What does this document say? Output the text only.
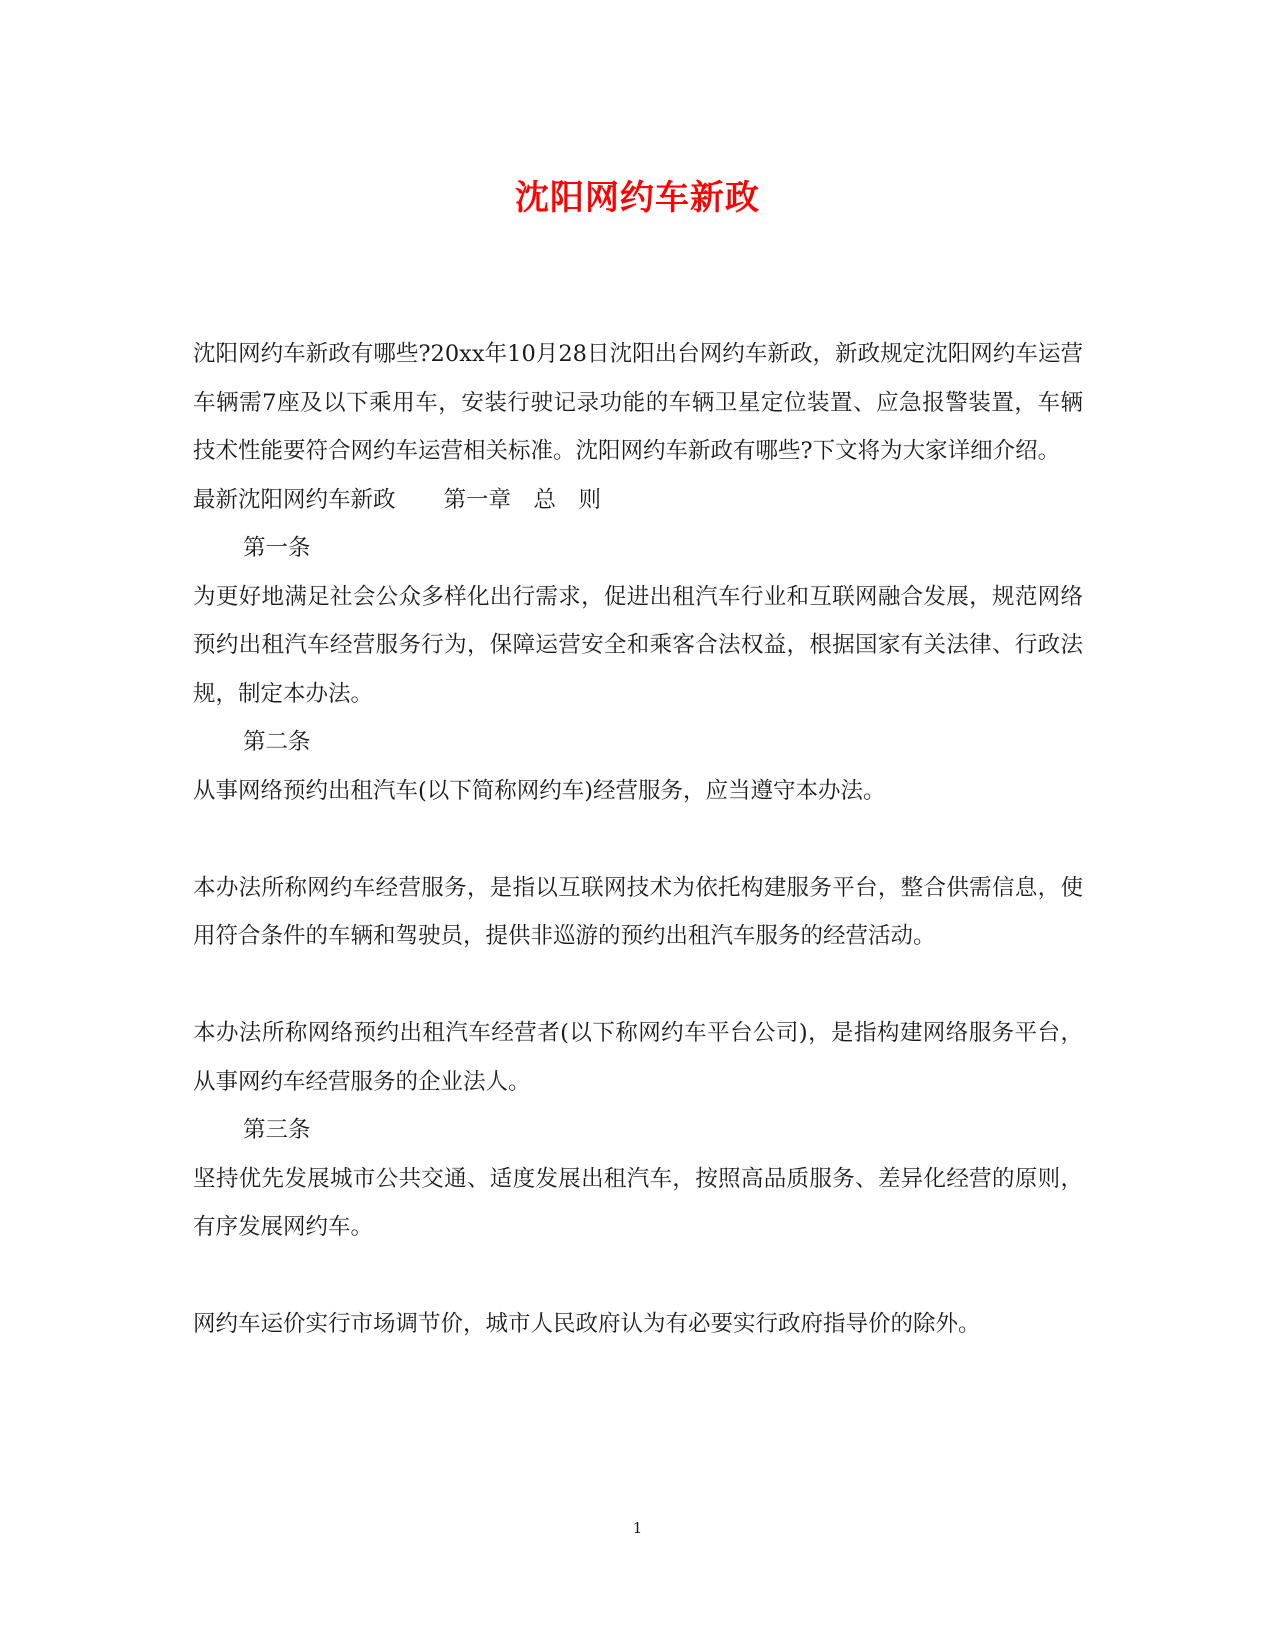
沈阳网约车新政

沈阳网约车新政有哪些?20xx年10月28日沈阳出台网约车新政，新政规定沈阳网约车运营车辆需7座及以下乘用车，安装行驶记录功能的车辆卫星定位装置、应急报警装置，车辆技术性能要符合网约车运营相关标准。沈阳网约车新政有哪些?下文将为大家详细介绍。

最新沈阳网约车新政 第一章　总　则

第一条

为更好地满足社会公众多样化出行需求，促进出租汽车行业和互联网融合发展，规范网络预约出租汽车经营服务行为，保障运营安全和乘客合法权益，根据国家有关法律、行政法规，制定本办法。

第二条

从事网络预约出租汽车(以下简称网约车)经营服务，应当遵守本办法。

本办法所称网约车经营服务，是指以互联网技术为依托构建服务平台，整合供需信息，使用符合条件的车辆和驾驶员，提供非巡游的预约出租汽车服务的经营活动。

本办法所称网络预约出租汽车经营者(以下称网约车平台公司)，是指构建网络服务平台，从事网约车经营服务的企业法人。

第三条

坚持优先发展城市公共交通、适度发展出租汽车，按照高品质服务、差异化经营的原则，有序发展网约车。

网约车运价实行市场调节价，城市人民政府认为有必要实行政府指导价的除外。

1
